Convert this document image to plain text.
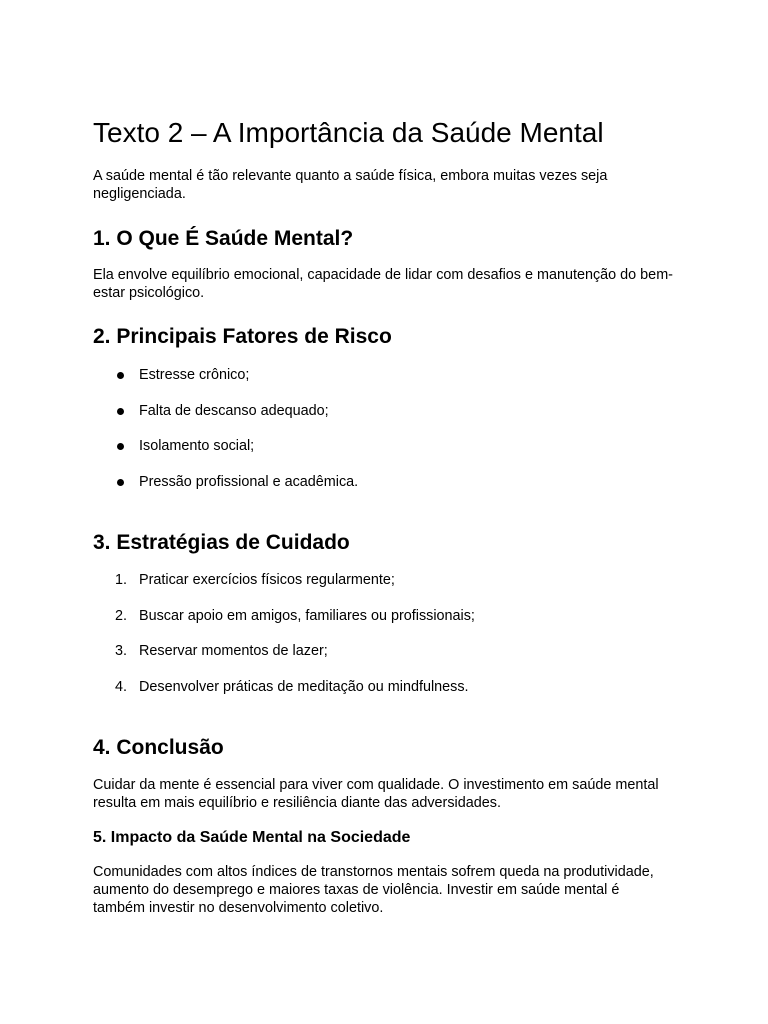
Texto 2 – A Importância da Saúde Mental

A saúde mental é tão relevante quanto a saúde física, embora muitas vezes seja negligenciada.

1. O Que É Saúde Mental?

Ela envolve equilíbrio emocional, capacidade de lidar com desafios e manutenção do bem-estar psicológico.

2. Principais Fatores de Risco
Estresse crônico;
Falta de descanso adequado;
Isolamento social;
Pressão profissional e acadêmica.
3. Estratégias de Cuidado
1. Praticar exercícios físicos regularmente;
2. Buscar apoio em amigos, familiares ou profissionais;
3. Reservar momentos de lazer;
4. Desenvolver práticas de meditação ou mindfulness.
4. Conclusão

Cuidar da mente é essencial para viver com qualidade. O investimento em saúde mental resulta em mais equilíbrio e resiliência diante das adversidades.

5. Impacto da Saúde Mental na Sociedade

Comunidades com altos índices de transtornos mentais sofrem queda na produtividade, aumento do desemprego e maiores taxas de violência. Investir em saúde mental é também investir no desenvolvimento coletivo.
